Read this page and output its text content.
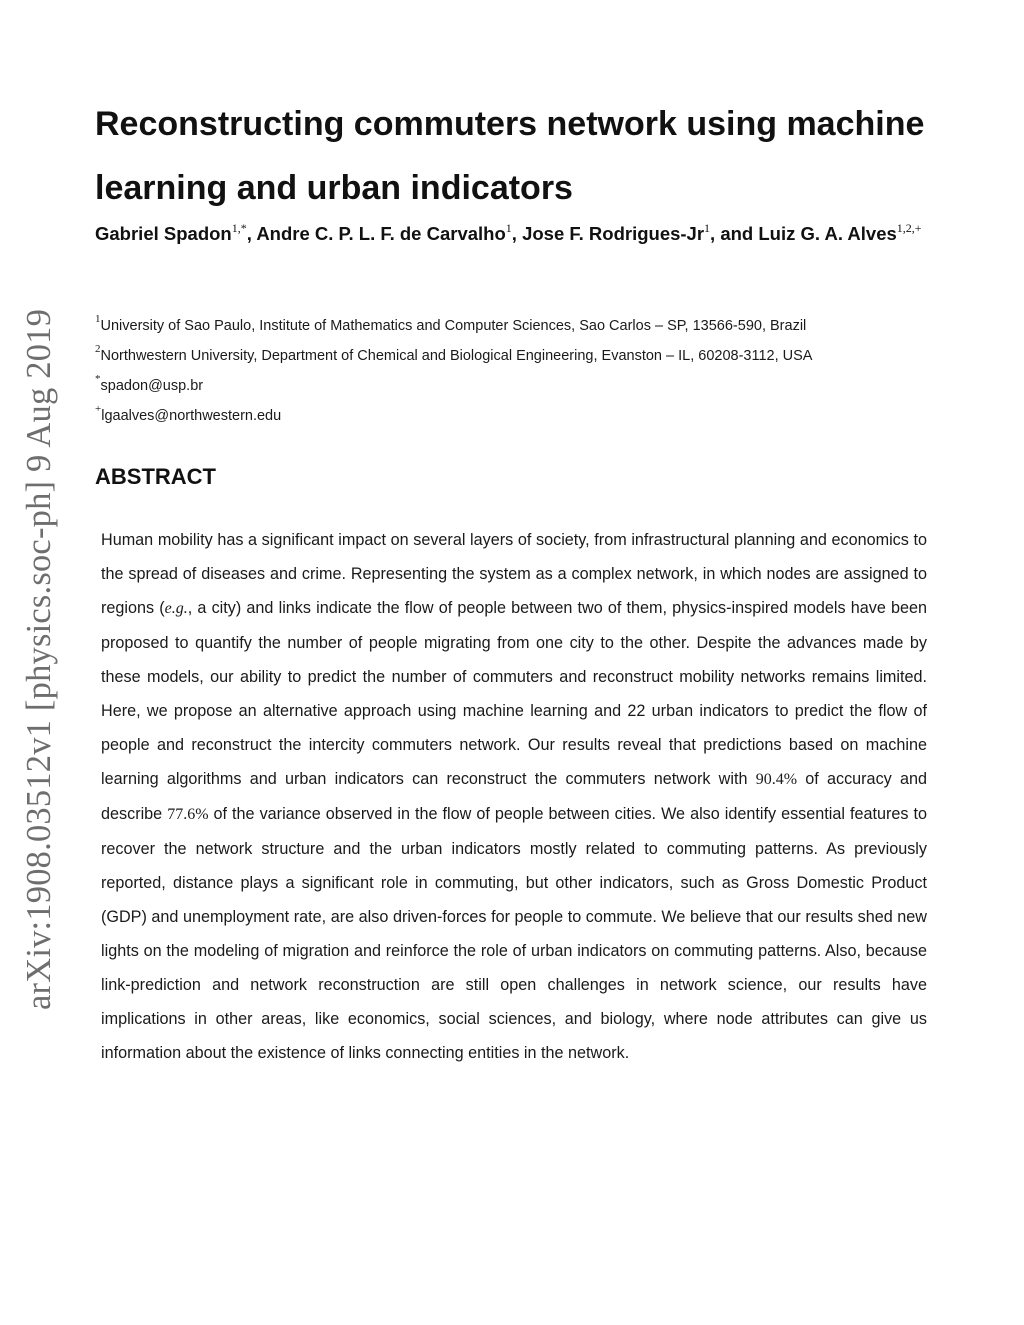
arXiv:1908.03512v1 [physics.soc-ph] 9 Aug 2019
Reconstructing commuters network using machine learning and urban indicators
Gabriel Spadon$^{1,*}$, Andre C. P. L. F. de Carvalho$^1$, Jose F. Rodrigues-Jr$^1$, and Luiz G. A. Alves$^{1,2,+}$
$^1$University of Sao Paulo, Institute of Mathematics and Computer Sciences, Sao Carlos – SP, 13566-590, Brazil
$^2$Northwestern University, Department of Chemical and Biological Engineering, Evanston – IL, 60208-3112, USA
*spadon@usp.br
+lgaalves@northwestern.edu
ABSTRACT

Human mobility has a significant impact on several layers of society, from infrastructural planning and economics to the spread of diseases and crime. Representing the system as a complex network, in which nodes are assigned to regions (e.g., a city) and links indicate the flow of people between two of them, physics-inspired models have been proposed to quantify the number of people migrating from one city to the other. Despite the advances made by these models, our ability to predict the number of commuters and reconstruct mobility networks remains limited. Here, we propose an alternative approach using machine learning and 22 urban indicators to predict the flow of people and reconstruct the intercity commuters network. Our results reveal that predictions based on machine learning algorithms and urban indicators can reconstruct the commuters network with 90.4% of accuracy and describe 77.6% of the variance observed in the flow of people between cities. We also identify essential features to recover the network structure and the urban indicators mostly related to commuting patterns. As previously reported, distance plays a significant role in commuting, but other indicators, such as Gross Domestic Product (GDP) and unemployment rate, are also driven-forces for people to commute. We believe that our results shed new lights on the modeling of migration and reinforce the role of urban indicators on commuting patterns. Also, because link-prediction and network reconstruction are still open challenges in network science, our results have implications in other areas, like economics, social sciences, and biology, where node attributes can give us information about the existence of links connecting entities in the network.
